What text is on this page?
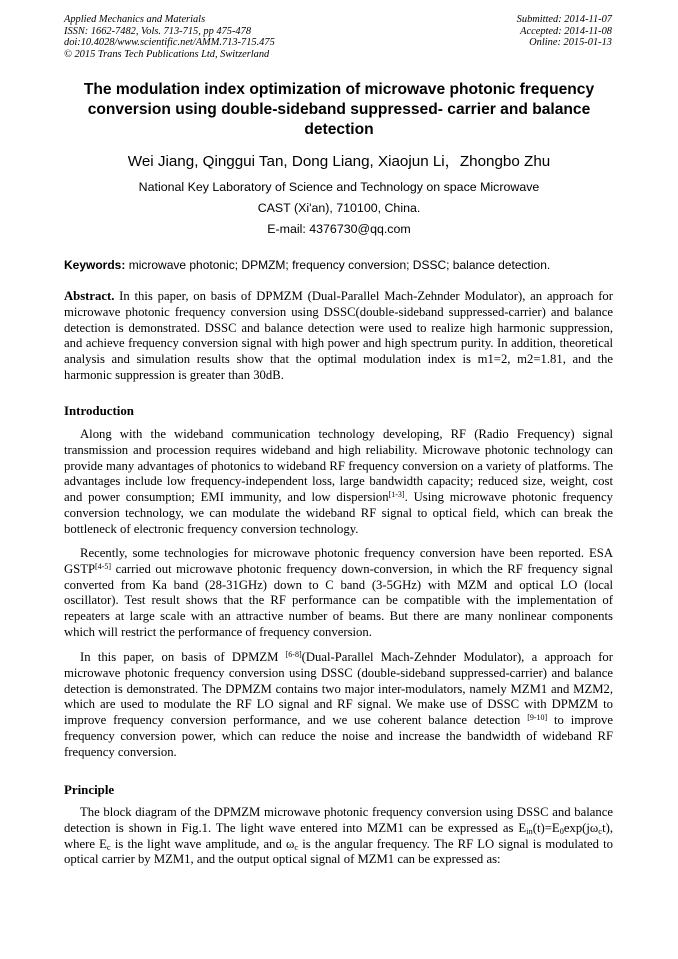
Applied Mechanics and Materials
ISSN: 1662-7482, Vols. 713-715, pp 475-478
doi:10.4028/www.scientific.net/AMM.713-715.475
© 2015 Trans Tech Publications Ltd, Switzerland
Submitted: 2014-11-07
Accepted: 2014-11-08
Online: 2015-01-13
The modulation index optimization of microwave photonic frequency conversion using double-sideband suppressed- carrier and balance detection
Wei Jiang, Qinggui Tan, Dong Liang, Xiaojun Li，Zhongbo Zhu
National Key Laboratory of Science and Technology on space Microwave
CAST (Xi'an), 710100, China.
E-mail: 4376730@qq.com
Keywords: microwave photonic; DPMZM; frequency conversion; DSSC; balance detection.

Abstract. In this paper, on basis of DPMZM (Dual-Parallel Mach-Zehnder Modulator), an approach for microwave photonic frequency conversion using DSSC(double-sideband suppressed-carrier) and balance detection is demonstrated. DSSC and balance detection were used to realize high harmonic suppression, and achieve frequency conversion signal with high power and high spectrum purity. In addition, theoretical analysis and simulation results show that the optimal modulation index is m1=2, m2=1.81, and the harmonic suppression is greater than 30dB.

Introduction

Along with the wideband communication technology developing, RF (Radio Frequency) signal transmission and procession requires wideband and high reliability. Microwave photonic technology can provide many advantages of photonics to wideband RF frequency conversion on a variety of platforms. The advantages include low frequency-independent loss, large bandwidth capacity; reduced size, weight, cost and power consumption; EMI immunity, and low dispersion[1-3]. Using microwave photonic frequency conversion technology, we can modulate the wideband RF signal to optical field, which can break the bottleneck of electronic frequency conversion technology.

Recently, some technologies for microwave photonic frequency conversion have been reported. ESA GSTP[4-5] carried out microwave photonic frequency down-conversion, in which the RF frequency signal converted from Ka band (28-31GHz) down to C band (3-5GHz) with MZM and optical LO (local oscillator). Test result shows that the RF performance can be compatible with the implementation of repeaters at large scale with an attractive number of beams. But there are many nonlinear components which will restrict the performance of frequency conversion.

In this paper, on basis of DPMZM [6-8](Dual-Parallel Mach-Zehnder Modulator), a approach for microwave photonic frequency conversion using DSSC (double-sideband suppressed-carrier) and balance detection is demonstrated. The DPMZM contains two major inter-modulators, namely MZM1 and MZM2, which are used to modulate the RF LO signal and RF signal. We make use of DSSC with DPMZM to improve frequency conversion performance, and we use coherent balance detection [9-10] to improve frequency conversion power, which can reduce the noise and increase the bandwidth of wideband RF frequency conversion.

Principle

The block diagram of the DPMZM microwave photonic frequency conversion using DSSC and balance detection is shown in Fig.1. The light wave entered into MZM1 can be expressed as $E_{in}(t)=E_0\exp(j\omega_ct)$, where $E_c$ is the light wave amplitude, and $\omega_c$ is the angular frequency. The RF LO signal is modulated to optical carrier by MZM1, and the output optical signal of MZM1 can be expressed as:
